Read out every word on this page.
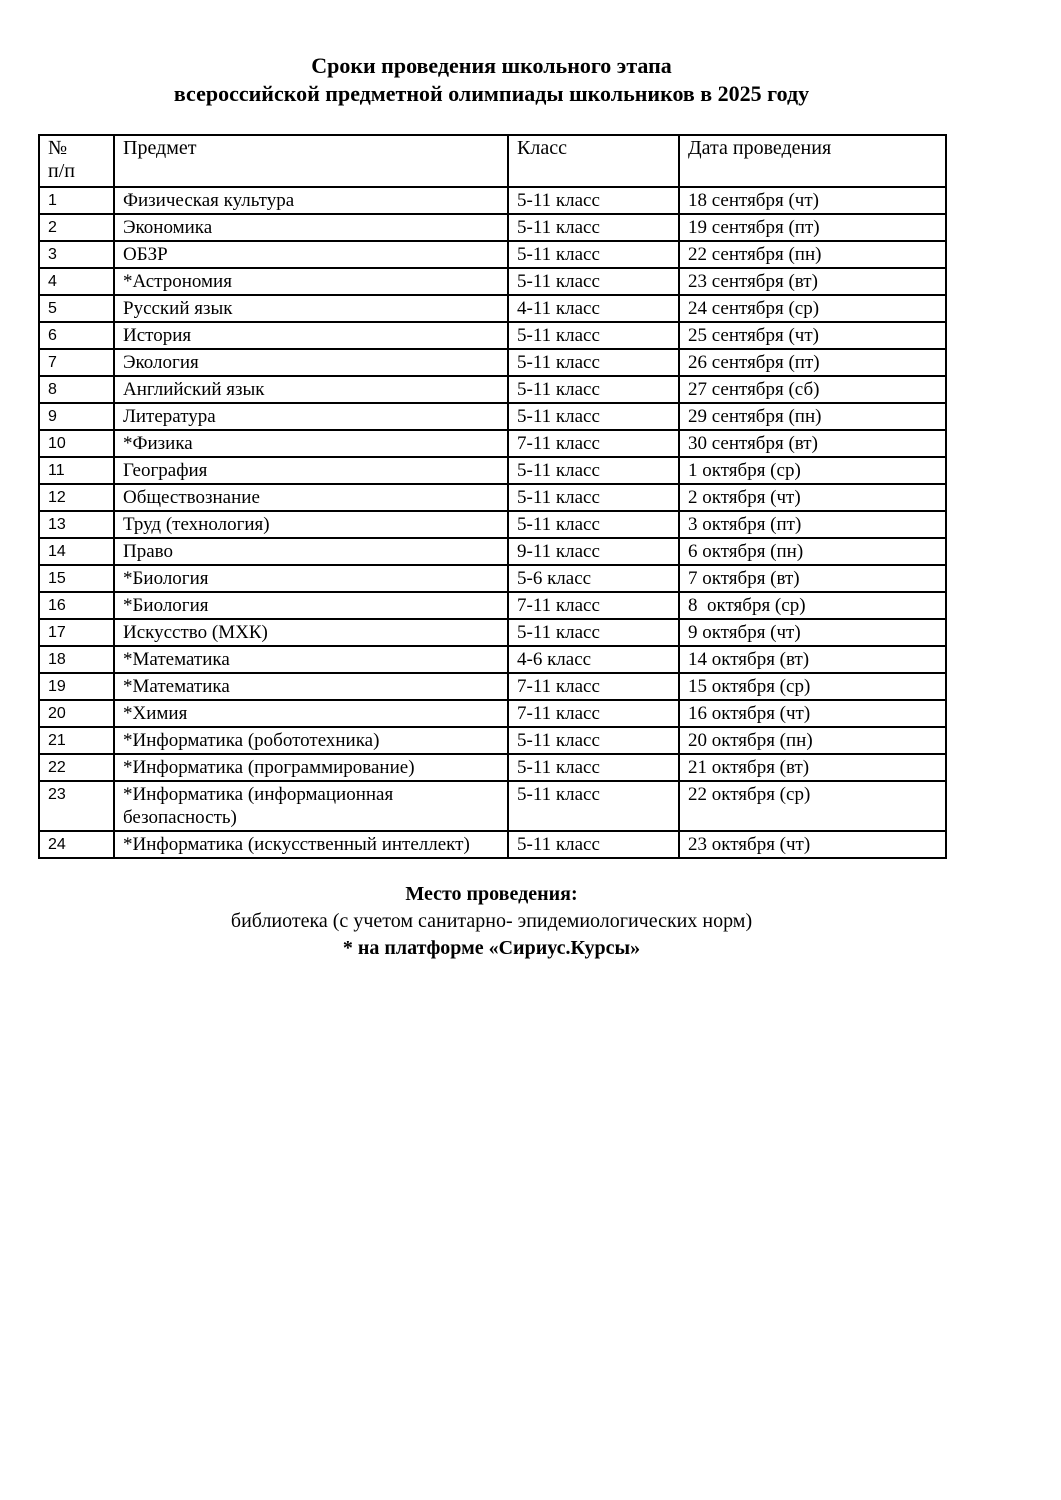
Сроки проведения школьного этапа
всероссийской предметной олимпиады школьников в 2025 году
№
п/п	Предмет	Класс	Дата проведения
1	Физическая культура	5-11 класс	18 сентября (чт)
2	Экономика	5-11 класс	19 сентября (пт)
3	ОБЗР	5-11 класс	22 сентября (пн)
4	*Астрономия	5-11 класс	23 сентября (вт)
5	Русский язык	4-11 класс	24 сентября (ср)
6	История	5-11 класс	25 сентября (чт)
7	Экология	5-11 класс	26 сентября (пт)
8	Английский язык	5-11 класс	27 сентября (сб)
9	Литература	5-11 класс	29 сентября (пн)
10	*Физика	7-11 класс	30 сентября (вт)
11	География	5-11 класс	1 октября (ср)
12	Обществознание	5-11 класс	2 октября (чт)
13	Труд (технология)	5-11 класс	3 октября (пт)
14	Право	9-11 класс	6 октября (пн)
15	*Биология	5-6 класс	7 октября (вт)
16	*Биология	7-11 класс	8  октября (ср)
17	Искусство (МХК)	5-11 класс	9 октября (чт)
18	*Математика	4-6 класс	14 октября (вт)
19	*Математика	7-11 класс	15 октября (ср)
20	*Химия	7-11 класс	16 октября (чт)
21	*Информатика (робототехника)	5-11 класс	20 октября (пн)
22	*Информатика (программирование)	5-11 класс	21 октября (вт)
23	*Информатика (информационная безопасность)	5-11 класс	22 октября (ср)
24	*Информатика (искусственный интеллект)	5-11 класс	23 октября (чт)
Место проведения:
библиотека (с учетом санитарно- эпидемиологических норм)
* на платформе «Сириус.Курсы»
